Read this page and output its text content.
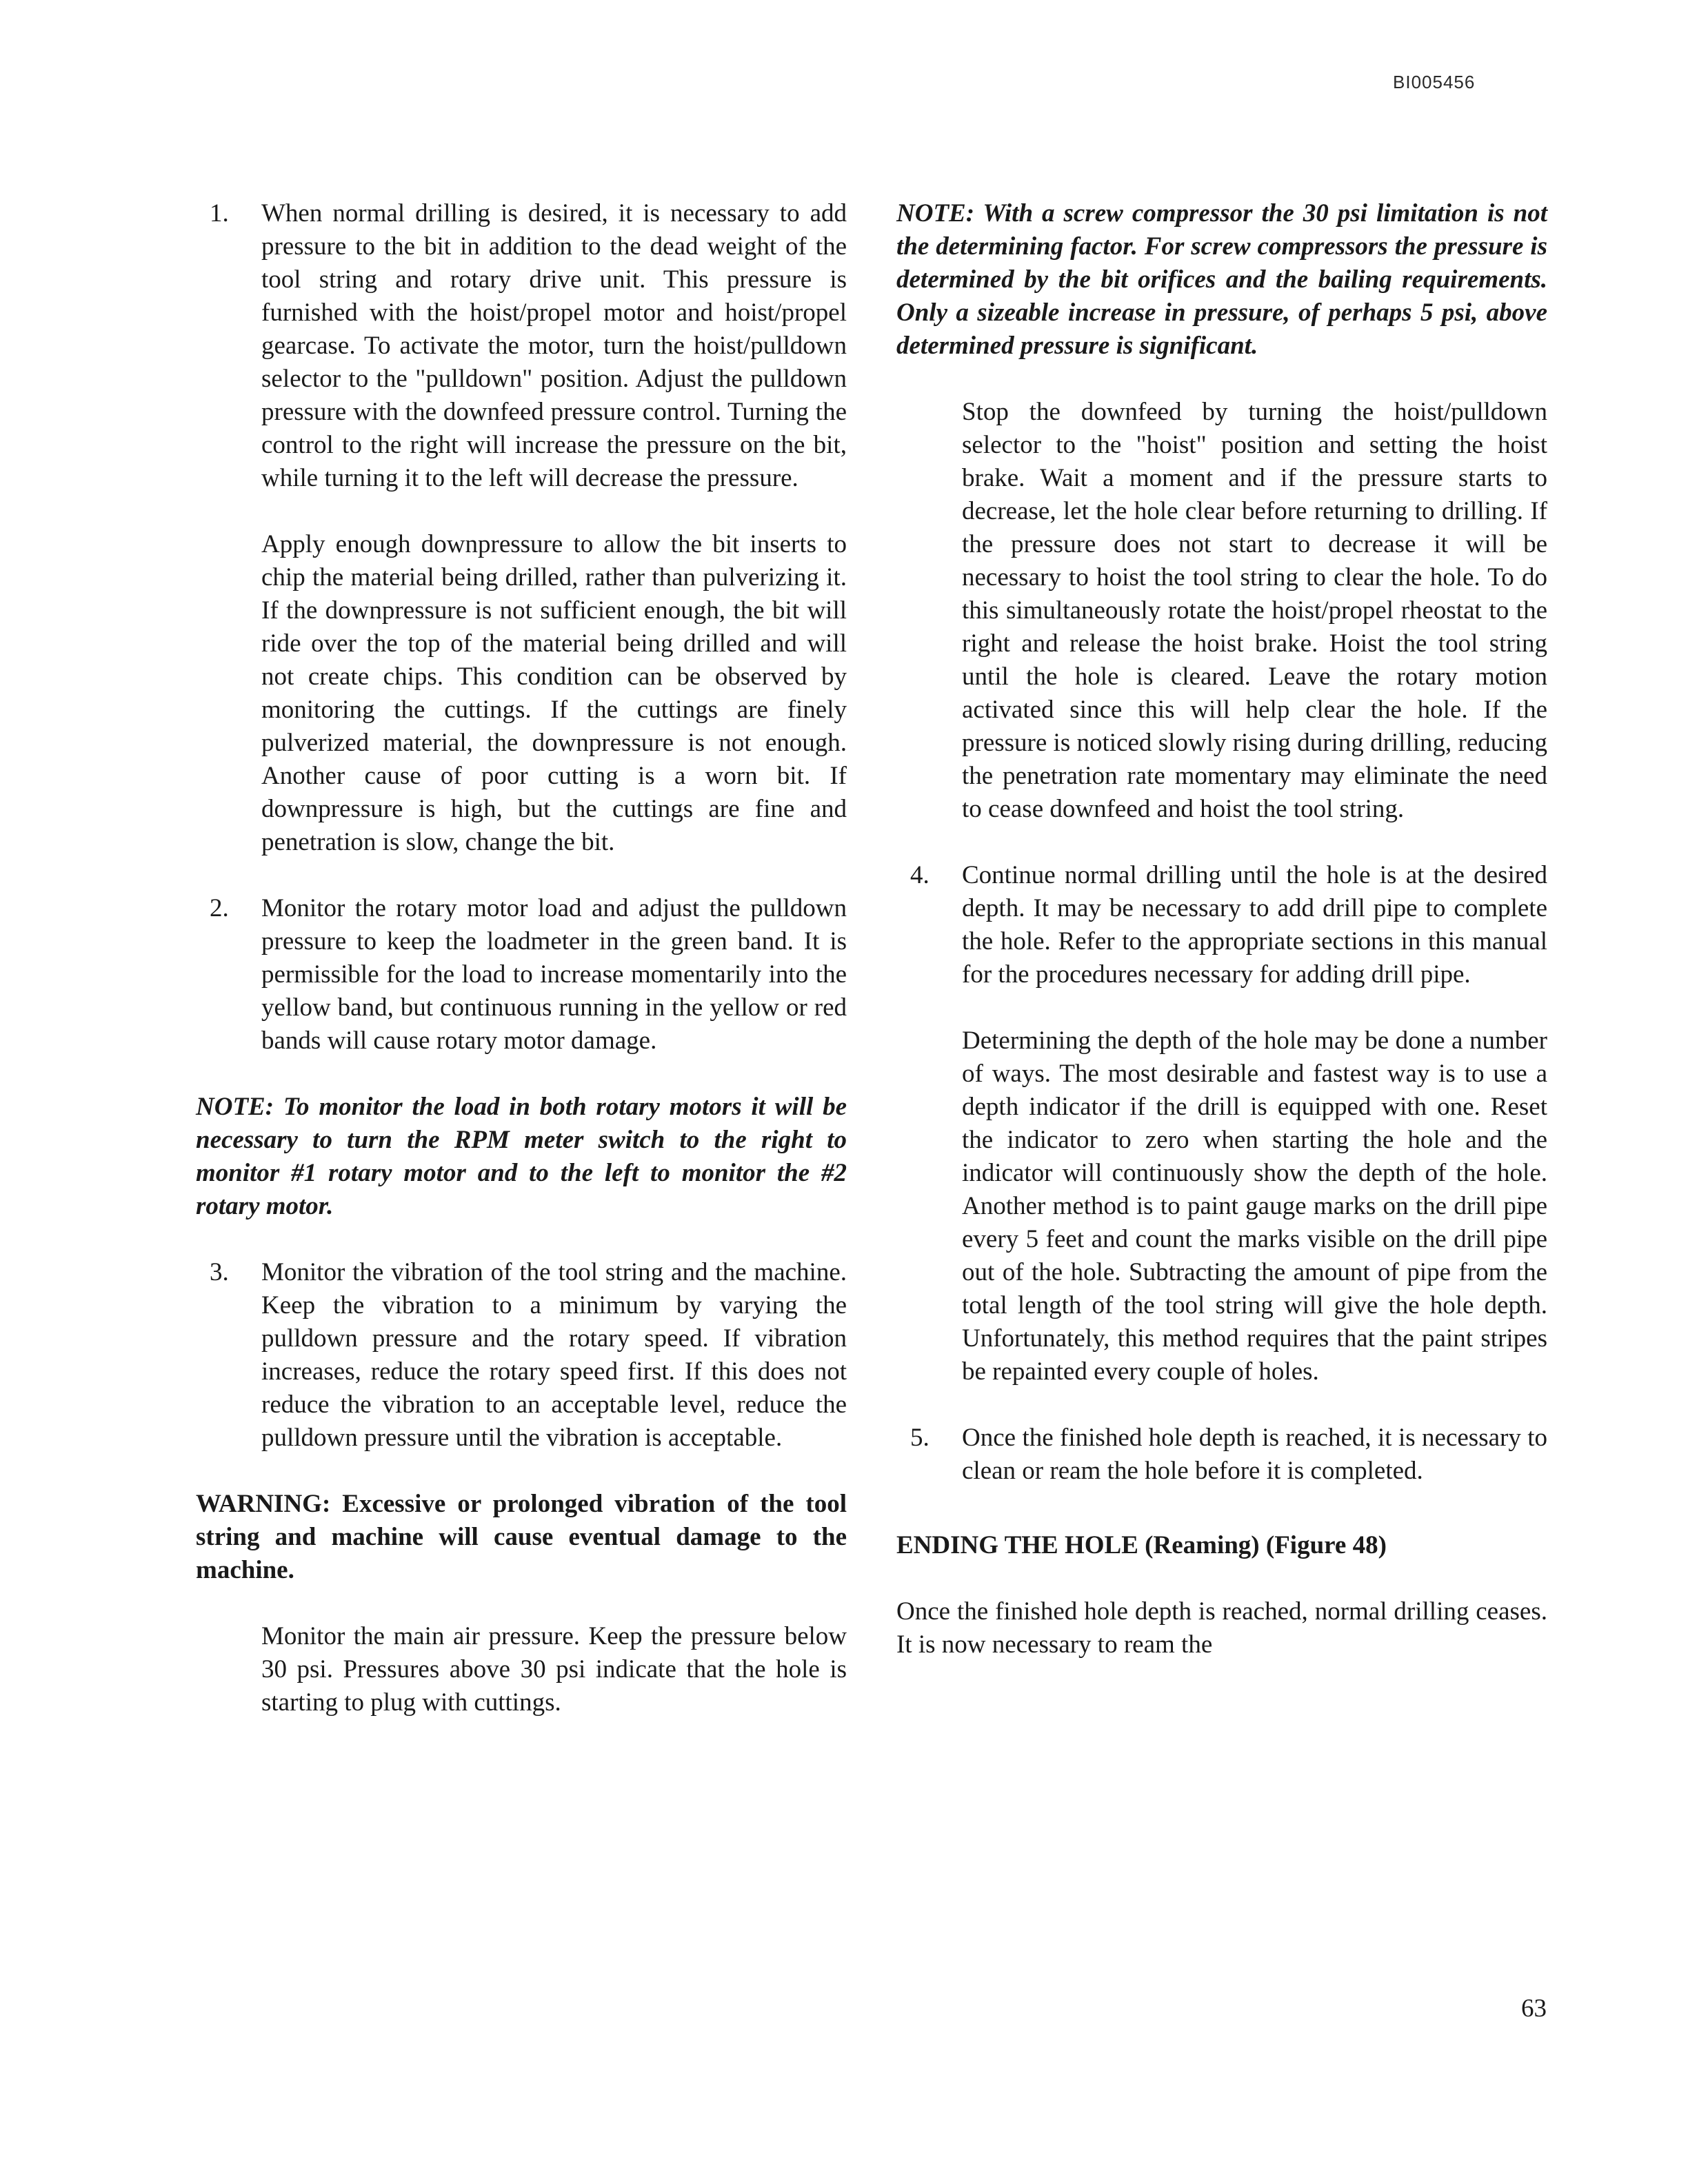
BI005456
1. When normal drilling is desired, it is necessary to add pressure to the bit in addition to the dead weight of the tool string and rotary drive unit. This pressure is furnished with the hoist/propel motor and hoist/propel gearcase. To activate the motor, turn the hoist/pulldown selector to the "pulldown" position. Adjust the pulldown pressure with the downfeed pressure control. Turning the control to the right will increase the pressure on the bit, while turning it to the left will decrease the pressure.

Apply enough downpressure to allow the bit inserts to chip the material being drilled, rather than pulverizing it. If the downpressure is not sufficient enough, the bit will ride over the top of the material being drilled and will not create chips. This condition can be observed by monitoring the cuttings. If the cuttings are finely pulverized material, the downpressure is not enough. Another cause of poor cutting is a worn bit. If downpressure is high, but the cuttings are fine and penetration is slow, change the bit.

2. Monitor the rotary motor load and adjust the pulldown pressure to keep the loadmeter in the green band. It is permissible for the load to increase momentarily into the yellow band, but continuous running in the yellow or red bands will cause rotary motor damage.

NOTE: To monitor the load in both rotary motors it will be necessary to turn the RPM meter switch to the right to monitor #1 rotary motor and to the left to monitor the #2 rotary motor.

3. Monitor the vibration of the tool string and the machine. Keep the vibration to a minimum by varying the pulldown pressure and the rotary speed. If vibration increases, reduce the rotary speed first. If this does not reduce the vibration to an acceptable level, reduce the pulldown pressure until the vibration is acceptable.

WARNING: Excessive or prolonged vibration of the tool string and machine will cause eventual damage to the machine.

Monitor the main air pressure. Keep the pressure below 30 psi. Pressures above 30 psi indicate that the hole is starting to plug with cuttings.

NOTE: With a screw compressor the 30 psi limitation is not the determining factor. For screw compressors the pressure is determined by the bit orifices and the bailing requirements. Only a sizeable increase in pressure, of perhaps 5 psi, above determined pressure is significant.

Stop the downfeed by turning the hoist/pulldown selector to the "hoist" position and setting the hoist brake. Wait a moment and if the pressure starts to decrease, let the hole clear before returning to drilling. If the pressure does not start to decrease it will be necessary to hoist the tool string to clear the hole. To do this simultaneously rotate the hoist/propel rheostat to the right and release the hoist brake. Hoist the tool string until the hole is cleared. Leave the rotary motion activated since this will help clear the hole. If the pressure is noticed slowly rising during drilling, reducing the penetration rate momentary may eliminate the need to cease downfeed and hoist the tool string.

4. Continue normal drilling until the hole is at the desired depth. It may be necessary to add drill pipe to complete the hole. Refer to the appropriate sections in this manual for the procedures necessary for adding drill pipe.

Determining the depth of the hole may be done a number of ways. The most desirable and fastest way is to use a depth indicator if the drill is equipped with one. Reset the indicator to zero when starting the hole and the indicator will continuously show the depth of the hole. Another method is to paint gauge marks on the drill pipe every 5 feet and count the marks visible on the drill pipe out of the hole. Subtracting the amount of pipe from the total length of the tool string will give the hole depth. Unfortunately, this method requires that the paint stripes be repainted every couple of holes.

5. Once the finished hole depth is reached, it is necessary to clean or ream the hole before it is completed.

ENDING THE HOLE (Reaming) (Figure 48)

Once the finished hole depth is reached, normal drilling ceases. It is now necessary to ream the

63
